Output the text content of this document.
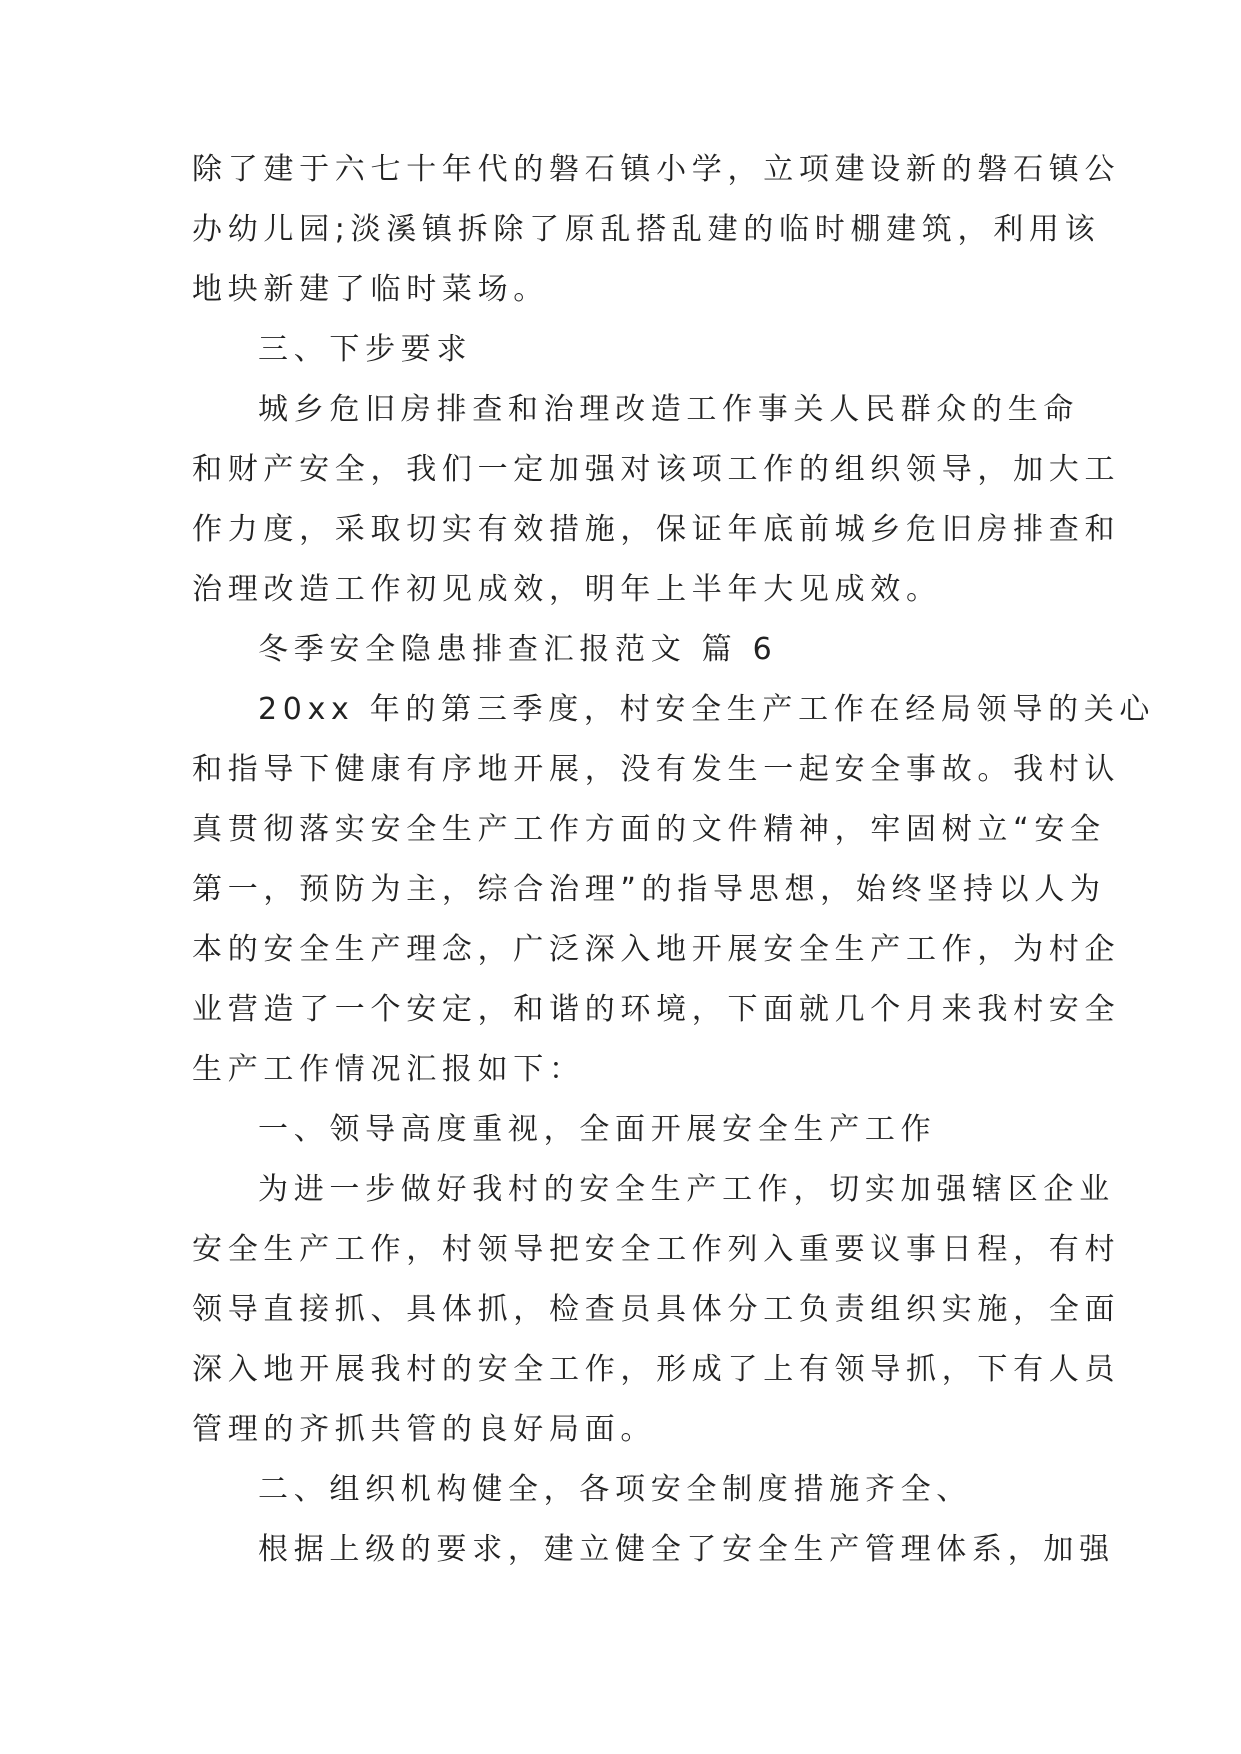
除了建于六七十年代的磐石镇小学，立项建设新的磐石镇公
办幼儿园;淡溪镇拆除了原乱搭乱建的临时棚建筑，利用该
地块新建了临时菜场。
三、下步要求
城乡危旧房排查和治理改造工作事关人民群众的生命
和财产安全，我们一定加强对该项工作的组织领导，加大工
作力度，采取切实有效措施，保证年底前城乡危旧房排查和
治理改造工作初见成效，明年上半年大见成效。
冬季安全隐患排查汇报范文 篇 6
20xx 年的第三季度，村安全生产工作在经局领导的关心
和指导下健康有序地开展，没有发生一起安全事故。我村认
真贯彻落实安全生产工作方面的文件精神，牢固树立“安全
第一，预防为主，综合治理”的指导思想，始终坚持以人为
本的安全生产理念，广泛深入地开展安全生产工作，为村企
业营造了一个安定，和谐的环境，下面就几个月来我村安全
生产工作情况汇报如下：
一、领导高度重视，全面开展安全生产工作
为进一步做好我村的安全生产工作，切实加强辖区企业
安全生产工作，村领导把安全工作列入重要议事日程，有村
领导直接抓、具体抓，检查员具体分工负责组织实施，全面
深入地开展我村的安全工作，形成了上有领导抓，下有人员
管理的齐抓共管的良好局面。
二、组织机构健全，各项安全制度措施齐全、
根据上级的要求，建立健全了安全生产管理体系，加强
